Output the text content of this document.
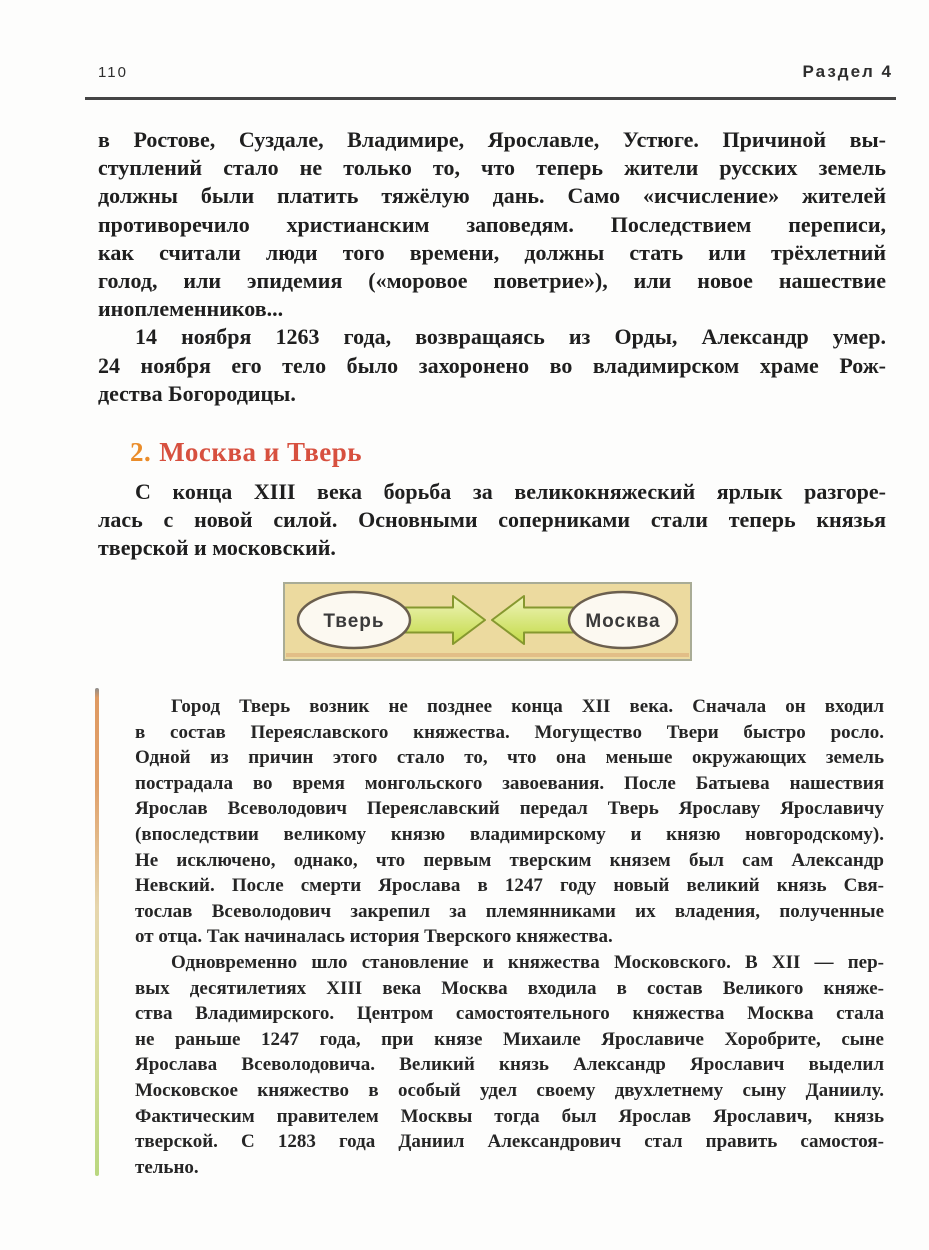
110	Раздел 4
в Ростове, Суздале, Владимире, Ярославле, Устюге. Причиной вы-
ступлений стало не только то, что теперь жители русских земель
должны были платить тяжёлую дань. Само «исчисление» жителей
противоречило христианским заповедям. Последствием переписи,
как считали люди того времени, должны стать или трёхлетний
голод, или эпидемия («моровое поветрие»), или новое нашествие
иноплеменников...
14 ноября 1263 года, возвращаясь из Орды, Александр умер.
24 ноября его тело было захоронено во владимирском храме Рож-
дества Богородицы.
2. Москва и Тверь
С конца XIII века борьба за великокняжеский ярлык разгоре-
лась с новой силой. Основными соперниками стали теперь князья
тверской и московский.
Тверь	Москва
Город Тверь возник не позднее конца XII века. Сначала он входил
в состав Переяславского княжества. Могущество Твери быстро росло.
Одной из причин этого стало то, что она меньше окружающих земель
пострадала во время монгольского завоевания. После Батыева нашествия
Ярослав Всеволодович Переяславский передал Тверь Ярославу Ярославичу
(впоследствии великому князю владимирскому и князю новгородскому).
Не исключено, однако, что первым тверским князем был сам Александр
Невский. После смерти Ярослава в 1247 году новый великий князь Свя-
тослав Всеволодович закрепил за племянниками их владения, полученные
от отца. Так начиналась история Тверского княжества.
Одновременно шло становление и княжества Московского. В XII — пер-
вых десятилетиях XIII века Москва входила в состав Великого княже-
ства Владимирского. Центром самостоятельного княжества Москва стала
не раньше 1247 года, при князе Михаиле Ярославиче Хоробрите, сыне
Ярослава Всеволодовича. Великий князь Александр Ярославич выделил
Московское княжество в особый удел своему двухлетнему сыну Даниилу.
Фактическим правителем Москвы тогда был Ярослав Ярославич, князь
тверской. С 1283 года Даниил Александрович стал править самостоя-
тельно.
